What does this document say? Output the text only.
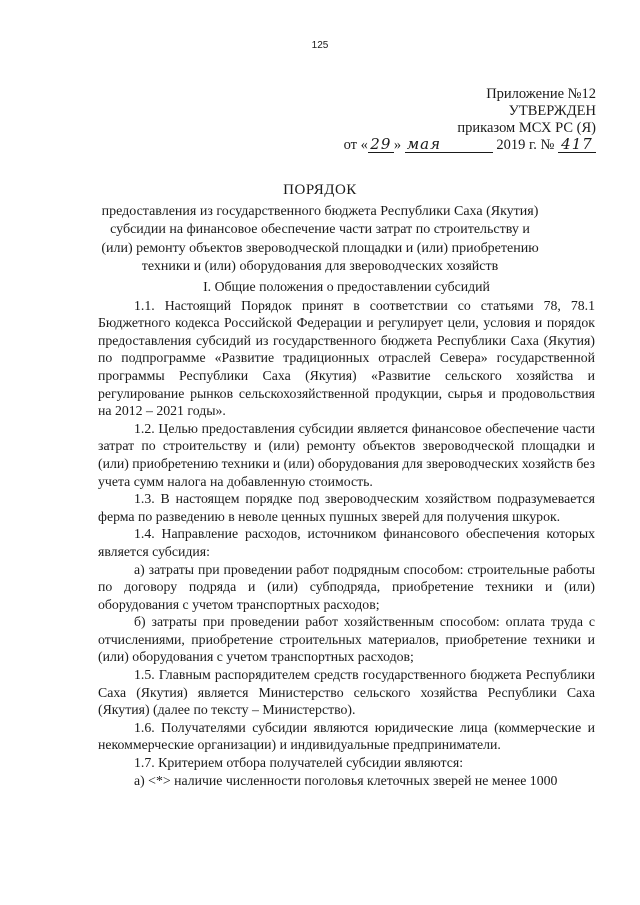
125
Приложение №12
УТВЕРЖДЕН
приказом МСХ РС (Я)
от « 29 » мая	2019 г. № 417
ПОРЯДОК
предоставления из государственного бюджета Республики Саха (Якутия)
субсидии на финансовое обеспечение части затрат по строительству и
(или) ремонту объектов звероводческой площадки и (или) приобретению
техники и (или) оборудования для звероводческих хозяйств
I. Общие положения о предоставлении субсидий

1.1. Настоящий Порядок принят в соответствии со статьями 78, 78.1 Бюджетного кодекса Российской Федерации и регулирует цели, условия и порядок предоставления субсидий из государственного бюджета Республики Саха (Якутия) по подпрограмме «Развитие традиционных отраслей Севера» государственной программы Республики Саха (Якутия) «Развитие сельского хозяйства и регулирование рынков сельскохозяйственной продукции, сырья и продовольствия на 2012 – 2021 годы».

1.2. Целью предоставления субсидии является финансовое обеспечение части затрат по строительству и (или) ремонту объектов звероводческой площадки и (или) приобретению техники и (или) оборудования для звероводческих хозяйств без учета сумм налога на добавленную стоимость.

1.3. В настоящем порядке под звероводческим хозяйством подразумевается ферма по разведению в неволе ценных пушных зверей для получения шкурок.

1.4. Направление расходов, источником финансового обеспечения которых является субсидия:

а) затраты при проведении работ подрядным способом: строительные работы по договору подряда и (или) субподряда, приобретение техники и (или) оборудования с учетом транспортных расходов;

б) затраты при проведении работ хозяйственным способом: оплата труда с отчислениями, приобретение строительных материалов, приобретение техники и (или) оборудования с учетом транспортных расходов;

1.5. Главным распорядителем средств государственного бюджета Республики Саха (Якутия) является Министерство сельского хозяйства Республики Саха (Якутия) (далее по тексту – Министерство).

1.6. Получателями субсидии являются юридические лица (коммерческие и некоммерческие организации) и индивидуальные предприниматели.

1.7. Критерием отбора получателей субсидии являются:

а) <*> наличие численности поголовья клеточных зверей не менее 1000
